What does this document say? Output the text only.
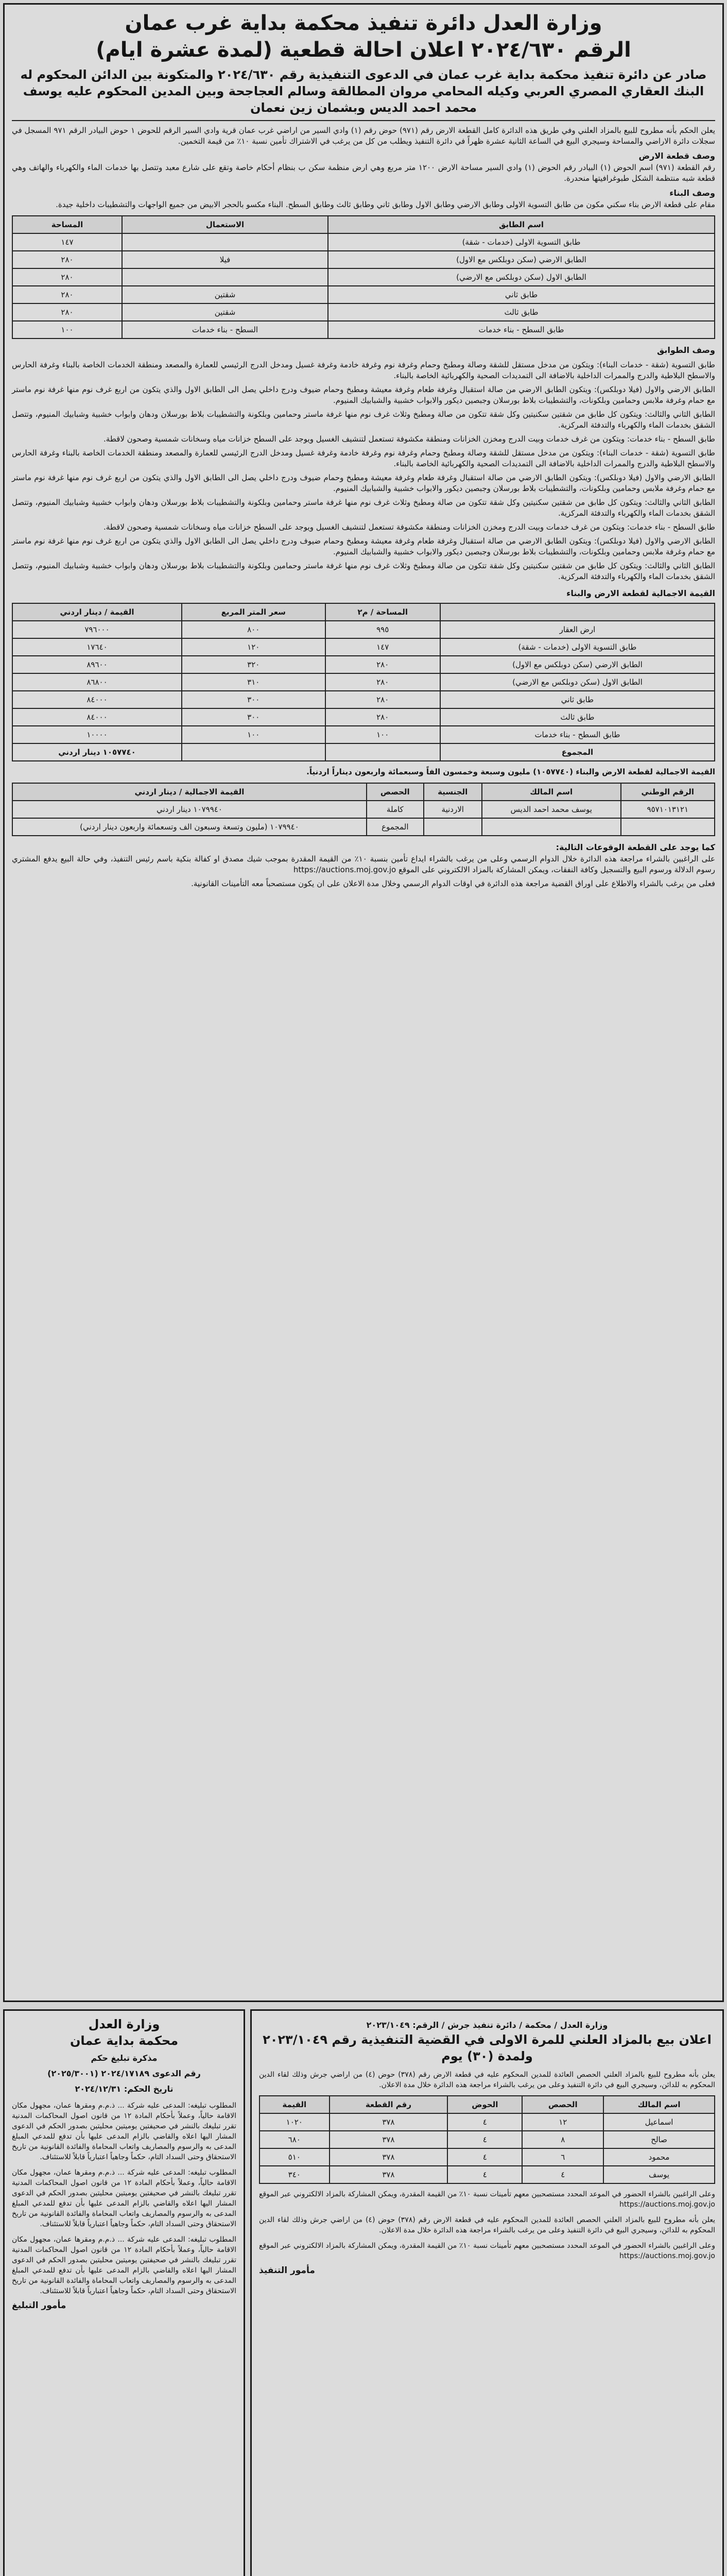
وزارة العدل دائرة تنفيذ محكمة بداية غرب عمان
الرقم ٢٠٢٤/٦٣٠ اعلان احالة قطعية (لمدة عشرة ايام)
صادر عن دائرة تنفيذ محكمة بداية غرب عمان في الدعوى التنفيذية رقم ٢٠٢٤/٦٣٠ والمتكونة بين الدائن المحكوم له البنك العقاري المصري العربي وكيله المحامي مروان المطالقة وسالم العجاجحة وبين المدين المحكوم عليه يوسف محمد احمد الديس وبشمان زين نعمان
يعلن الحكم بأنه مطروح للبيع بالمزاد العلني وفي طريق هذه الدائرة كامل القطعة الارض رقم (٩٧١) حوض رقم (١) وادي السير من اراضي غرب عمان قرية وادي السير الرقم للحوض ١ حوض البيادر الرقم ٩٧١ المسجل في سجلات دائرة الاراضي والمساحة وسيجري البيع في الساعة الثانية عشرة ظهراً في دائرة التنفيذ ويطلب من كل من يرغب في الاشتراك تأمين نسبة ١٠٪ من قيمة التخمين.
وصف قطعة الارض
رقم القطعة (٩٧١) اسم الحوض (١) البيادر رقم الحوض (١) وادي السير مساحة الارض ١٢٠٠ متر مربع وهي ارض منظمة سكن ب بنظام أحكام خاصة وتقع على شارع معبد وتتصل بها خدمات الماء والكهرباء والهاتف وهي قطعة شبه منتظمة الشكل طبوغرافيتها منحدرة.
وصف البناء
مقام على قطعة الارض بناء سكني مكون من طابق التسوية الاولى وطابق الارضي وطابق الاول وطابق ثاني وطابق ثالث وطابق السطح. البناء مكسو بالحجر الابيض من جميع الواجهات والتشطيبات داخلية جيدة.
اسم الطابق	الاستعمال	المساحة
طابق التسوية الاولى (خدمات - شقة)		١٤٧
الطابق الارضي (سكن دوبلكس مع الاول)	فيلا	٢٨٠
الطابق الاول (سكن دوبلكس مع الارضي)		٢٨٠
طابق ثاني	شقتين	٢٨٠
طابق ثالث	شقتين	٢٨٠
طابق السطح - بناء خدمات	السطح - بناء خدمات	١٠٠
وصف الطوابق
طابق التسوية (شقة - خدمات البناء): ويتكون من مدخل مستقل للشقة وصالة ومطبخ وحمام وغرفة نوم وغرفة خادمة وغرفة غسيل ومدخل الدرج الرئيسي للعمارة والمصعد ومنطقة الخدمات الخاصة بالبناء وغرفة الحارس والاسطح البلاطية والدرج والممرات الداخلية بالاضافة الى التمديدات الصحية والكهربائية الخاصة بالبناء.
الطابق الارضي والاول (فيلا دوبلكس): ويتكون الطابق الارضي من صالة استقبال وغرفة طعام وغرفة معيشة ومطبخ وحمام ضيوف ودرج داخلي يصل الى الطابق الاول والذي يتكون من اربع غرف نوم منها غرفة نوم ماستر مع حمام وغرفة ملابس وحمامين وبلكونات، والتشطيبات بلاط بورسلان وجبصين ديكور والابواب خشبية والشبابيك المنيوم.
الطابق الثاني والثالث: ويتكون كل طابق من شقتين سكنيتين وكل شقة تتكون من صالة ومطبخ وثلاث غرف نوم منها غرفة ماستر وحمامين وبلكونة والتشطيبات بلاط بورسلان ودهان وابواب خشبية وشبابيك المنيوم، وتتصل الشقق بخدمات الماء والكهرباء والتدفئة المركزية.
طابق السطح - بناء خدمات: ويتكون من غرف خدمات وبيت الدرج ومخزن الخزانات ومنطقة مكشوفة تستعمل لتنشيف الغسيل ويوجد على السطح خزانات مياه وسخانات شمسية وصحون لاقطة.
طابق التسوية (شقة - خدمات البناء): ويتكون من مدخل مستقل للشقة وصالة ومطبخ وحمام وغرفة نوم وغرفة خادمة وغرفة غسيل ومدخل الدرج الرئيسي للعمارة والمصعد ومنطقة الخدمات الخاصة بالبناء وغرفة الحارس والاسطح البلاطية والدرج والممرات الداخلية بالاضافة الى التمديدات الصحية والكهربائية الخاصة بالبناء.
الطابق الارضي والاول (فيلا دوبلكس): ويتكون الطابق الارضي من صالة استقبال وغرفة طعام وغرفة معيشة ومطبخ وحمام ضيوف ودرج داخلي يصل الى الطابق الاول والذي يتكون من اربع غرف نوم منها غرفة نوم ماستر مع حمام وغرفة ملابس وحمامين وبلكونات، والتشطيبات بلاط بورسلان وجبصين ديكور والابواب خشبية والشبابيك المنيوم.
الطابق الثاني والثالث: ويتكون كل طابق من شقتين سكنيتين وكل شقة تتكون من صالة ومطبخ وثلاث غرف نوم منها غرفة ماستر وحمامين وبلكونة والتشطيبات بلاط بورسلان ودهان وابواب خشبية وشبابيك المنيوم، وتتصل الشقق بخدمات الماء والكهرباء والتدفئة المركزية.
طابق السطح - بناء خدمات: ويتكون من غرف خدمات وبيت الدرج ومخزن الخزانات ومنطقة مكشوفة تستعمل لتنشيف الغسيل ويوجد على السطح خزانات مياه وسخانات شمسية وصحون لاقطة.
الطابق الارضي والاول (فيلا دوبلكس): ويتكون الطابق الارضي من صالة استقبال وغرفة طعام وغرفة معيشة ومطبخ وحمام ضيوف ودرج داخلي يصل الى الطابق الاول والذي يتكون من اربع غرف نوم منها غرفة نوم ماستر مع حمام وغرفة ملابس وحمامين وبلكونات، والتشطيبات بلاط بورسلان وجبصين ديكور والابواب خشبية والشبابيك المنيوم.
الطابق الثاني والثالث: ويتكون كل طابق من شقتين سكنيتين وكل شقة تتكون من صالة ومطبخ وثلاث غرف نوم منها غرفة ماستر وحمامين وبلكونة والتشطيبات بلاط بورسلان ودهان وابواب خشبية وشبابيك المنيوم، وتتصل الشقق بخدمات الماء والكهرباء والتدفئة المركزية.
القيمة الاجمالية لقطعة الارض والبناء
	المساحة / م٢	سعر المتر المربع	القيمة / دينار اردني
ارض العقار	٩٩٥	٨٠٠	٧٩٦٠٠٠
طابق التسوية الاولى (خدمات - شقة)	١٤٧	١٢٠	١٧٦٤٠
الطابق الارضي (سكن دوبلكس مع الاول)	٢٨٠	٣٢٠	٨٩٦٠٠
الطابق الاول (سكن دوبلكس مع الارضي)	٢٨٠	٣١٠	٨٦٨٠٠
طابق ثاني	٢٨٠	٣٠٠	٨٤٠٠٠
طابق ثالث	٢٨٠	٣٠٠	٨٤٠٠٠
طابق السطح - بناء خدمات	١٠٠	١٠٠	١٠٠٠٠
المجموع			١٠٥٧٧٤٠ دينار اردني
القيمة الاجمالية لقطعة الارض والبناء (١٠٥٧٧٤٠) مليون وسبعة وخمسون الفاً وسبعمائة واربعون ديناراً اردنياً.
الرقم الوطني	اسم المالك	الجنسية	الحصص	القيمة الاجمالية / دينار اردني
٩٥٧١٠١٣١٢١	يوسف محمد احمد الديس	الاردنية	كاملة	١٠٧٩٩٤٠ دينار اردني
			المجموع	١٠٧٩٩٤٠ (مليون وتسعة وسبعون الف وتسعمائة واربعون دينار اردني)
كما يوجد على القطعة الوقوعات التالية:
على الراغبين بالشراء مراجعة هذه الدائرة خلال الدوام الرسمي وعلى من يرغب بالشراء ايداع تأمين بنسبة ١٠٪ من القيمة المقدرة بموجب شيك مصدق او كفالة بنكية باسم رئيس التنفيذ، وفي حالة البيع يدفع المشتري رسوم الدلالة ورسوم البيع والتسجيل وكافة النفقات، ويمكن المشاركة بالمزاد الالكتروني على الموقع https://auctions.moj.gov.jo
فعلى من يرغب بالشراء والاطلاع على اوراق القضية مراجعة هذه الدائرة في اوقات الدوام الرسمي وخلال مدة الاعلان على ان يكون مستصحباً معه التأمينات القانونية.
وزارة العدل
محكمة بداية عمان
مذكرة تبليغ حكم
رقم الدعوى ٢٠٢٤/١٧١٨٩ (٢٠٢٥/٣٠٠١)
تاريخ الحكم: ٢٠٢٤/١٢/٣١
المطلوب تبليغه: المدعى عليه شركة ... ذ.م.م ومقرها عمان، مجهول مكان الاقامة حالياً، وعملاً بأحكام المادة ١٢ من قانون اصول المحاكمات المدنية تقرر تبليغك بالنشر في صحيفتين يوميتين محليتين بصدور الحكم في الدعوى المشار اليها اعلاه والقاضي بالزام المدعى عليها بأن تدفع للمدعي المبلغ المدعى به والرسوم والمصاريف واتعاب المحاماة والفائدة القانونية من تاريخ الاستحقاق وحتى السداد التام، حكماً وجاهياً اعتبارياً قابلاً للاستئناف.
المطلوب تبليغه: المدعى عليه شركة ... ذ.م.م ومقرها عمان، مجهول مكان الاقامة حالياً، وعملاً بأحكام المادة ١٢ من قانون اصول المحاكمات المدنية تقرر تبليغك بالنشر في صحيفتين يوميتين محليتين بصدور الحكم في الدعوى المشار اليها اعلاه والقاضي بالزام المدعى عليها بأن تدفع للمدعي المبلغ المدعى به والرسوم والمصاريف واتعاب المحاماة والفائدة القانونية من تاريخ الاستحقاق وحتى السداد التام، حكماً وجاهياً اعتبارياً قابلاً للاستئناف.
المطلوب تبليغه: المدعى عليه شركة ... ذ.م.م ومقرها عمان، مجهول مكان الاقامة حالياً، وعملاً بأحكام المادة ١٢ من قانون اصول المحاكمات المدنية تقرر تبليغك بالنشر في صحيفتين يوميتين محليتين بصدور الحكم في الدعوى المشار اليها اعلاه والقاضي بالزام المدعى عليها بأن تدفع للمدعي المبلغ المدعى به والرسوم والمصاريف واتعاب المحاماة والفائدة القانونية من تاريخ الاستحقاق وحتى السداد التام، حكماً وجاهياً اعتبارياً قابلاً للاستئناف.
مأمور التبليغ
وزارة العدل / محكمة / دائرة تنفيذ جرش / الرقم: ٢٠٢٣/١٠٤٩
اعلان بيع بالمزاد العلني للمرة الاولى في القضية التنفيذية رقم ٢٠٢٣/١٠٤٩ ولمدة (٣٠) يوم
يعلن بأنه مطروح للبيع بالمزاد العلني الحصص العائدة للمدين المحكوم عليه في قطعة الارض رقم (٣٧٨) حوض (٤) من اراضي جرش وذلك لقاء الدين المحكوم به للدائن، وسيجري البيع في دائرة التنفيذ وعلى من يرغب بالشراء مراجعة هذه الدائرة خلال مدة الاعلان.
اسم المالك	الحصص	الحوض	رقم القطعة	القيمة
اسماعيل	١٢	٤	٣٧٨	١٠٢٠
صالح	٨	٤	٣٧٨	٦٨٠
محمود	٦	٤	٣٧٨	٥١٠
يوسف	٤	٤	٣٧٨	٣٤٠
وعلى الراغبين بالشراء الحضور في الموعد المحدد مستصحبين معهم تأمينات نسبة ١٠٪ من القيمة المقدرة، ويمكن المشاركة بالمزاد الالكتروني عبر الموقع https://auctions.moj.gov.jo
يعلن بأنه مطروح للبيع بالمزاد العلني الحصص العائدة للمدين المحكوم عليه في قطعة الارض رقم (٣٧٨) حوض (٤) من اراضي جرش وذلك لقاء الدين المحكوم به للدائن، وسيجري البيع في دائرة التنفيذ وعلى من يرغب بالشراء مراجعة هذه الدائرة خلال مدة الاعلان.
وعلى الراغبين بالشراء الحضور في الموعد المحدد مستصحبين معهم تأمينات نسبة ١٠٪ من القيمة المقدرة، ويمكن المشاركة بالمزاد الالكتروني عبر الموقع https://auctions.moj.gov.jo
مأمور التنفيذ
